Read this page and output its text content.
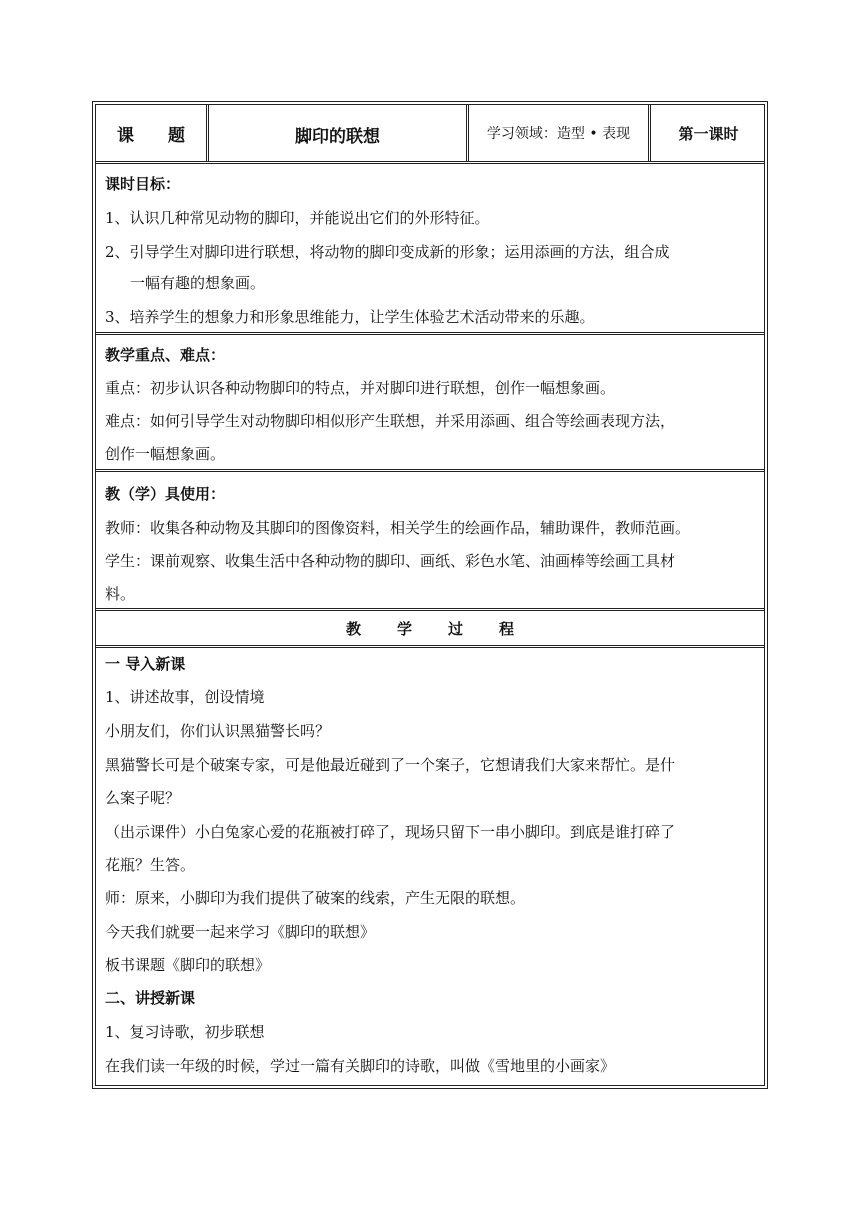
课　　题	脚印的联想	学习领域：造型 • 表现	第一课时
课时目标：
1、认识几种常见动物的脚印，并能说出它们的外形特征。
2、引导学生对脚印进行联想，将动物的脚印变成新的形象；运用添画的方法，组合成
一幅有趣的想象画。
3、培养学生的想象力和形象思维能力，让学生体验艺术活动带来的乐趣。
教学重点、难点：
重点：初步认识各种动物脚印的特点，并对脚印进行联想，创作一幅想象画。
难点：如何引导学生对动物脚印相似形产生联想，并采用添画、组合等绘画表现方法，
创作一幅想象画。
教（学）具使用：
教师：收集各种动物及其脚印的图像资料，相关学生的绘画作品，辅助课件，教师范画。
学生：课前观察、收集生活中各种动物的脚印、画纸、彩色水笔、油画棒等绘画工具材
料。
教学过程
一 导入新课
1、讲述故事，创设情境
小朋友们，你们认识黑猫警长吗？
黑猫警长可是个破案专家，可是他最近碰到了一个案子，它想请我们大家来帮忙。是什
么案子呢？
（出示课件）小白兔家心爱的花瓶被打碎了，现场只留下一串小脚印。到底是谁打碎了
花瓶？生答。
师：原来，小脚印为我们提供了破案的线索，产生无限的联想。
今天我们就要一起来学习《脚印的联想》
板书课题《脚印的联想》
二、讲授新课
1、复习诗歌，初步联想
在我们读一年级的时候，学过一篇有关脚印的诗歌，叫做《雪地里的小画家》
